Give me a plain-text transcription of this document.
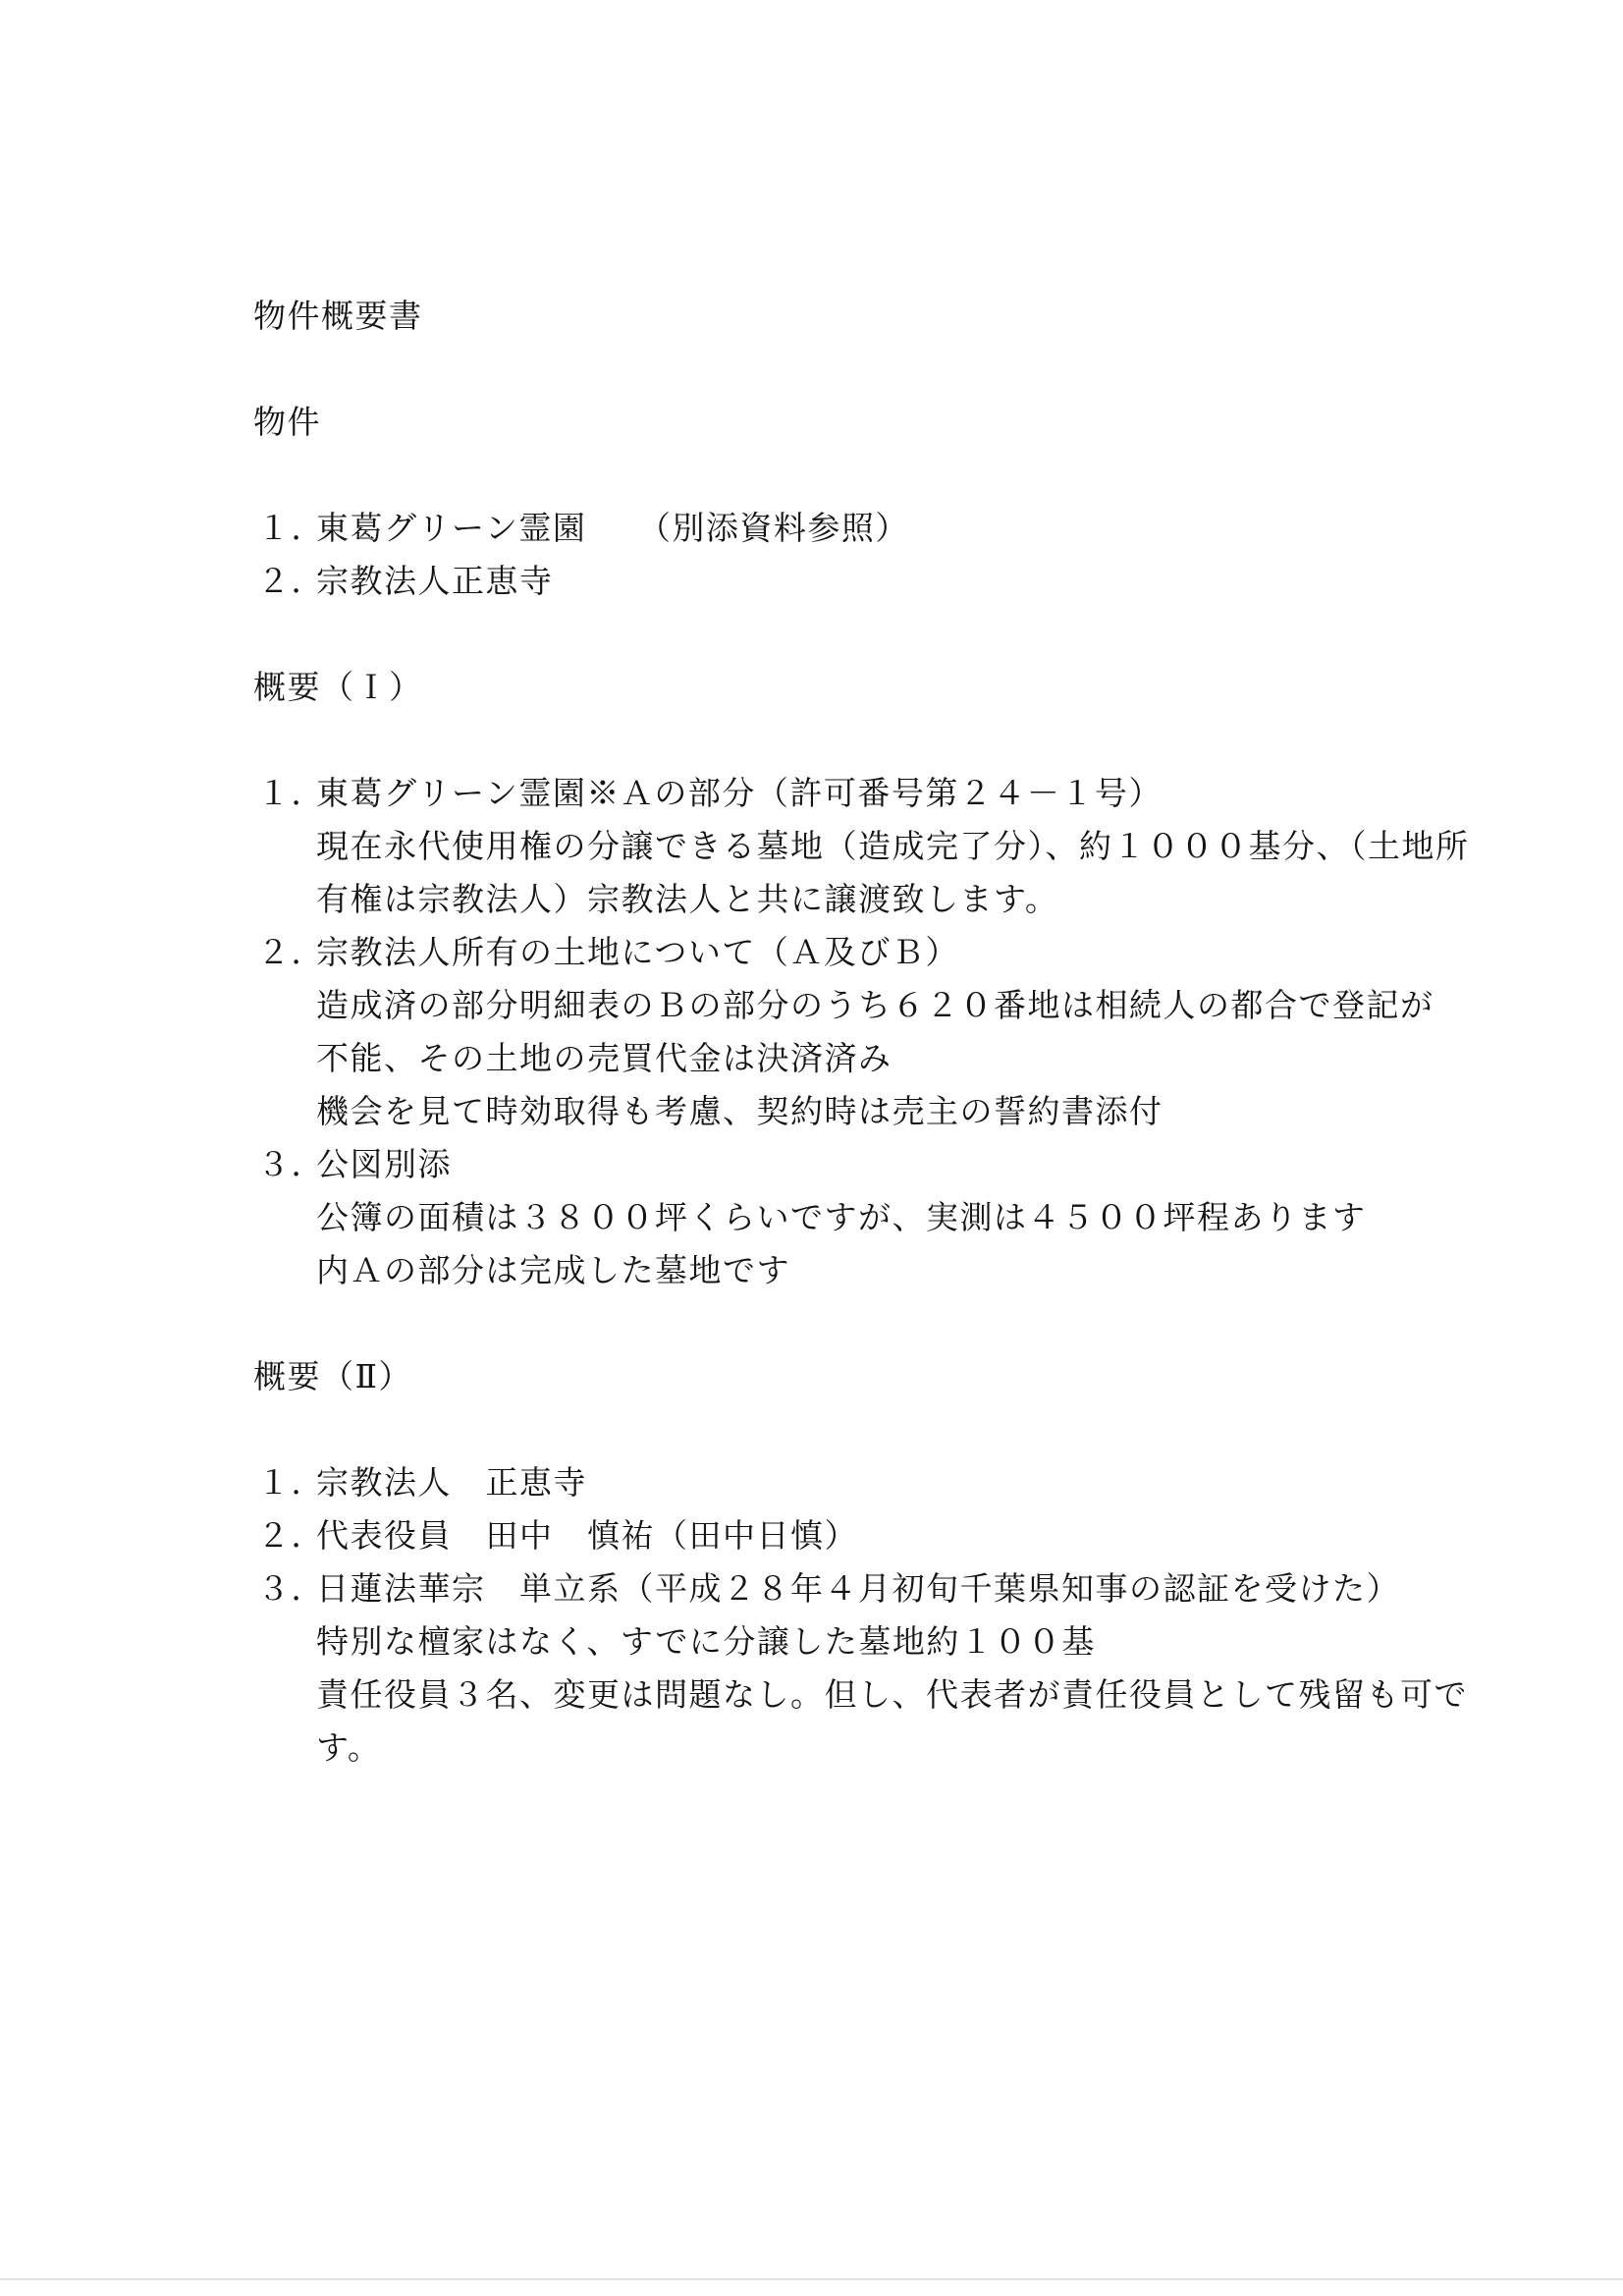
物件概要書
物件
１．
東葛グリーン霊園　　（別添資料参照）
２．
宗教法人正恵寺
概要（Ｉ）
１．
東葛グリーン霊園※Ａの部分（許可番号第２４－１号）
現在永代使用権の分譲できる墓地（造成完了分）、約１０００基分、（土地所
有権は宗教法人）宗教法人と共に譲渡致します。
２．
宗教法人所有の土地について（Ａ及びＢ）
造成済の部分明細表のＢの部分のうち６２０番地は相続人の都合で登記が
不能、その土地の売買代金は決済済み
機会を見て時効取得も考慮、契約時は売主の誓約書添付
３．
公図別添
公簿の面積は３８００坪くらいですが、実測は４５００坪程あります
内Ａの部分は完成した墓地です
概要（Ⅱ）
１．
宗教法人　正恵寺
２．
代表役員　田中　慎祐（田中日慎）
３．
日蓮法華宗　単立系（平成２８年４月初旬千葉県知事の認証を受けた）
特別な檀家はなく、すでに分譲した墓地約１００基
責任役員３名、変更は問題なし。但し、代表者が責任役員として残留も可で
す。
